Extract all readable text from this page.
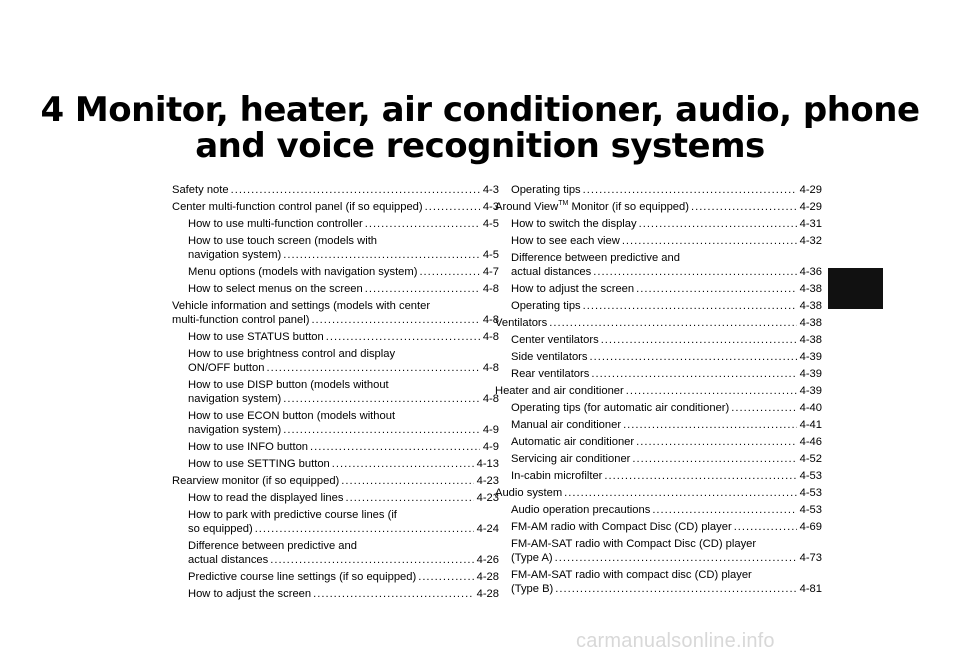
4 Monitor, heater, air conditioner, audio, phone
and voice recognition systems
Safety note .....	4-3
Center multi-function control panel (if so equipped) .....	4-3
How to use multi-function controller .....	4-5
How to use touch screen (models with
navigation system) .....	4-5
Menu options (models with navigation system) .....	4-7
How to select menus on the screen .....	4-8
Vehicle information and settings (models with center
multi-function control panel) .....	4-8
How to use STATUS button .....	4-8
How to use brightness control and display
ON/OFF button .....	4-8
How to use DISP button (models without
navigation system) .....	4-8
How to use ECON button (models without
navigation system) .....	4-9
How to use INFO button .....	4-9
How to use SETTING button .....	4-13
Rearview monitor (if so equipped) .....	4-23
How to read the displayed lines .....	4-23
How to park with predictive course lines (if
so equipped) .....	4-24
Difference between predictive and
actual distances .....	4-26
Predictive course line settings (if so equipped) .....	4-28
How to adjust the screen .....	4-28
Operating tips .....	4-29
Around View™ Monitor (if so equipped) .....	4-29
How to switch the display .....	4-31
How to see each view .....	4-32
Difference between predictive and
actual distances .....	4-36
How to adjust the screen .....	4-38
Operating tips .....	4-38
Ventilators .....	4-38
Center ventilators .....	4-38
Side ventilators .....	4-39
Rear ventilators .....	4-39
Heater and air conditioner .....	4-39
Operating tips (for automatic air conditioner) .....	4-40
Manual air conditioner .....	4-41
Automatic air conditioner .....	4-46
Servicing air conditioner .....	4-52
In-cabin microfilter .....	4-53
Audio system .....	4-53
Audio operation precautions .....	4-53
FM-AM radio with Compact Disc (CD) player .....	4-69
FM-AM-SAT radio with Compact Disc (CD) player
(Type A) .....	4-73
FM-AM-SAT radio with compact disc (CD) player
(Type B) .....	4-81
carmanualsonline.info
